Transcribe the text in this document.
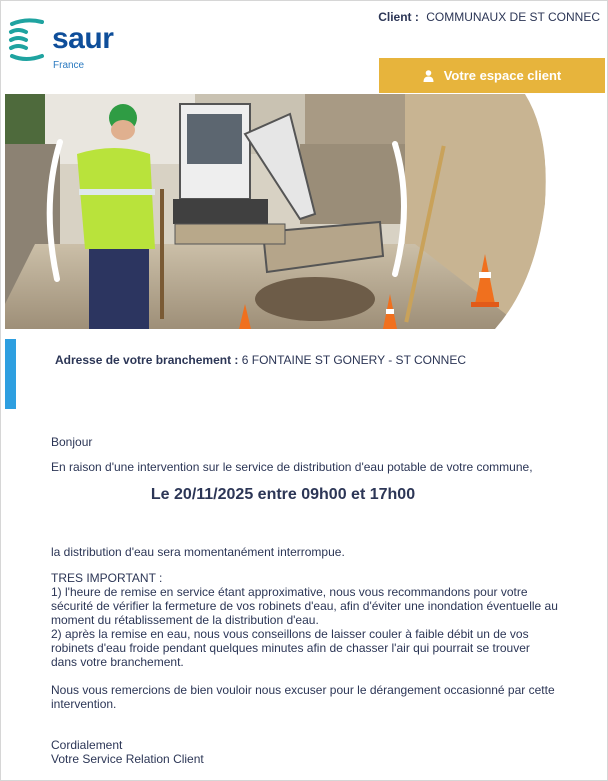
saur
France
Client : COMMUNAUX DE ST CONNEC
Votre espace client
Adresse de votre branchement : 6 FONTAINE ST GONERY - ST CONNEC
Bonjour
En raison d'une intervention sur le service de distribution d'eau potable de votre commune,
Le 20/11/2025 entre 09h00 et 17h00
la distribution d'eau sera momentanément interrompue.
TRES IMPORTANT :
1) l'heure de remise en service étant approximative, nous vous recommandons pour votre
sécurité de vérifier la fermeture de vos robinets d'eau, afin d'éviter une inondation éventuelle au
moment du rétablissement de la distribution d'eau.
2) après la remise en eau, nous vous conseillons de laisser couler à faible débit un de vos
robinets d'eau froide pendant quelques minutes afin de chasser l'air qui pourrait se trouver
dans votre branchement.
Nous vous remercions de bien vouloir nous excuser pour le dérangement occasionné par cette
intervention.
Cordialement
Votre Service Relation Client
